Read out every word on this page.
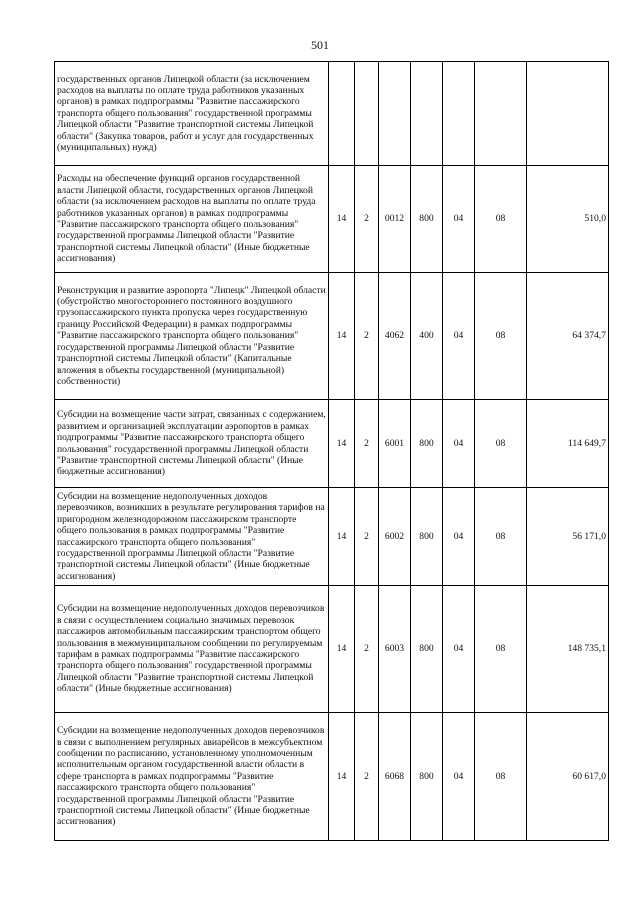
501
государственных органов Липецкой области (за исключением расходов на выплаты по оплате труда работников указанных органов) в рамках подпрограммы "Развитие пассажирского транспорта общего пользования" государственной программы Липецкой области "Развитие транспортной системы Липецкой области" (Закупка товаров, работ и услуг для государственных (муниципальных) нужд)							
Расходы на обеспечение функций органов государственной власти Липецкой области, государственных органов Липецкой области (за исключением расходов на выплаты по оплате труда работников указанных органов) в рамках подпрограммы "Развитие пассажирского транспорта общего пользования" государственной программы Липецкой области "Развитие транспортной системы Липецкой области" (Иные бюджетные ассигнования)	14	2	0012	800	04	08	510,0
Реконструкция и развитие аэропорта "Липецк" Липецкой области (обустройство многостороннего постоянного воздушного грузопассажирского пункта пропуска через государственную границу Российской Федерации) в рамках подпрограммы "Развитие пассажирского транспорта общего пользования" государственной программы Липецкой области "Развитие транспортной системы Липецкой области" (Капитальные вложения в объекты государственной (муниципальной) собственности)	14	2	4062	400	04	08	64 374,7
Субсидии на возмещение части затрат, связанных с содержанием, развитием и организацией эксплуатации аэропортов в рамках подпрограммы "Развитие пассажирского транспорта общего пользования" государственной программы Липецкой области "Развитие транспортной системы Липецкой области" (Иные бюджетные ассигнования)	14	2	6001	800	04	08	114 649,7
Субсидии на возмещение недополученных доходов перевозчиков, возникших в результате регулирования тарифов на пригородном железнодорожном пассажирском транспорте общего пользования в рамках подпрограммы "Развитие пассажирского транспорта общего пользования" государственной программы Липецкой области "Развитие транспортной системы Липецкой области" (Иные бюджетные ассигнования)	14	2	6002	800	04	08	56 171,0
Субсидии на возмещение недополученных доходов перевозчиков в связи с осуществлением социально значимых перевозок пассажиров автомобильным пассажирским транспортом общего пользования в межмуниципальном сообщении по регулируемым тарифам в рамках подпрограммы "Развитие пассажирского транспорта общего пользования" государственной программы Липецкой области "Развитие транспортной системы Липецкой области" (Иные бюджетные ассигнования)	14	2	6003	800	04	08	148 735,1
Субсидии на возмещение недополученных доходов перевозчиков в связи с выполнением регулярных авиарейсов в межсубъектном сообщении по расписанию, установленному уполномоченным исполнительным органом государственной власти области в сфере транспорта в рамках подпрограммы "Развитие пассажирского транспорта общего пользования" государственной программы Липецкой области "Развитие транспортной системы Липецкой области" (Иные бюджетные ассигнования)	14	2	6068	800	04	08	60 617,0
